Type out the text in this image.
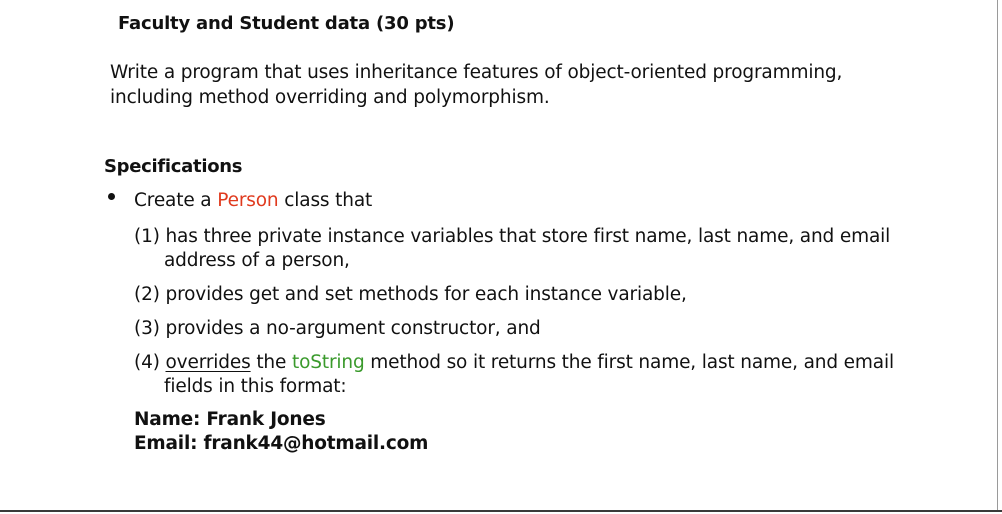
Faculty and Student data (30 pts)
Write a program that uses inheritance features of object-oriented programming, including method overriding and polymorphism.
Specifications
Create a Person class that
(1) has three private instance variables that store first name, last name, and email address of a person,
(2) provides get and set methods for each instance variable,
(3) provides a no-argument constructor, and
(4) overrides the toString method so it returns the first name, last name, and email fields in this format:
Name: Frank Jones
Email: frank44@hotmail.com
